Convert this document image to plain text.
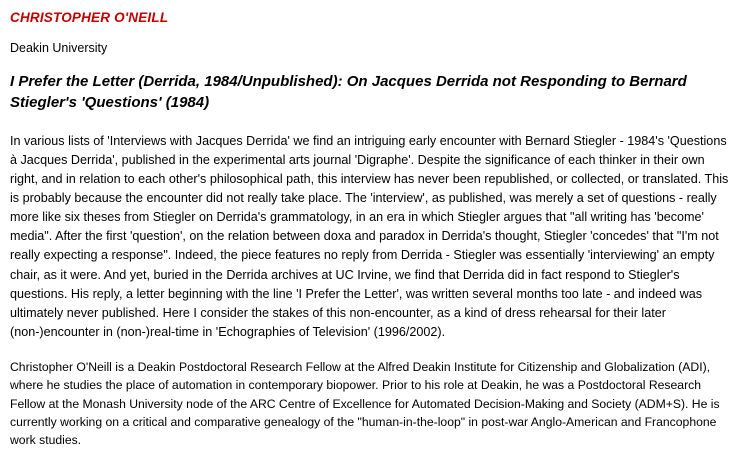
CHRISTOPHER O'NEILL
Deakin University
I Prefer the Letter (Derrida, 1984/Unpublished): On Jacques Derrida not Responding to Bernard Stiegler's 'Questions' (1984)
In various lists of 'Interviews with Jacques Derrida' we find an intriguing early encounter with Bernard Stiegler - 1984's 'Questions à Jacques Derrida', published in the experimental arts journal 'Digraphe'. Despite the significance of each thinker in their own right, and in relation to each other's philosophical path, this interview has never been republished, or collected, or translated. This is probably because the encounter did not really take place. The 'interview', as published, was merely a set of questions - really more like six theses from Stiegler on Derrida's grammatology, in an era in which Stiegler argues that "all writing has 'become' media". After the first 'question', on the relation between doxa and paradox in Derrida's thought, Stiegler 'concedes' that "I'm not really expecting a response". Indeed, the piece features no reply from Derrida - Stiegler was essentially 'interviewing' an empty chair, as it were. And yet, buried in the Derrida archives at UC Irvine, we find that Derrida did in fact respond to Stiegler's questions. His reply, a letter beginning with the line 'I Prefer the Letter', was written several months too late - and indeed was ultimately never published. Here I consider the stakes of this non-encounter, as a kind of dress rehearsal for their later (non-)encounter in (non-)real-time in 'Echographies of Television' (1996/2002).
Christopher O'Neill is a Deakin Postdoctoral Research Fellow at the Alfred Deakin Institute for Citizenship and Globalization (ADI), where he studies the place of automation in contemporary biopower. Prior to his role at Deakin, he was a Postdoctoral Research Fellow at the Monash University node of the ARC Centre of Excellence for Automated Decision-Making and Society (ADM+S). He is currently working on a critical and comparative genealogy of the "human-in-the-loop" in post-war Anglo-American and Francophone work studies.
